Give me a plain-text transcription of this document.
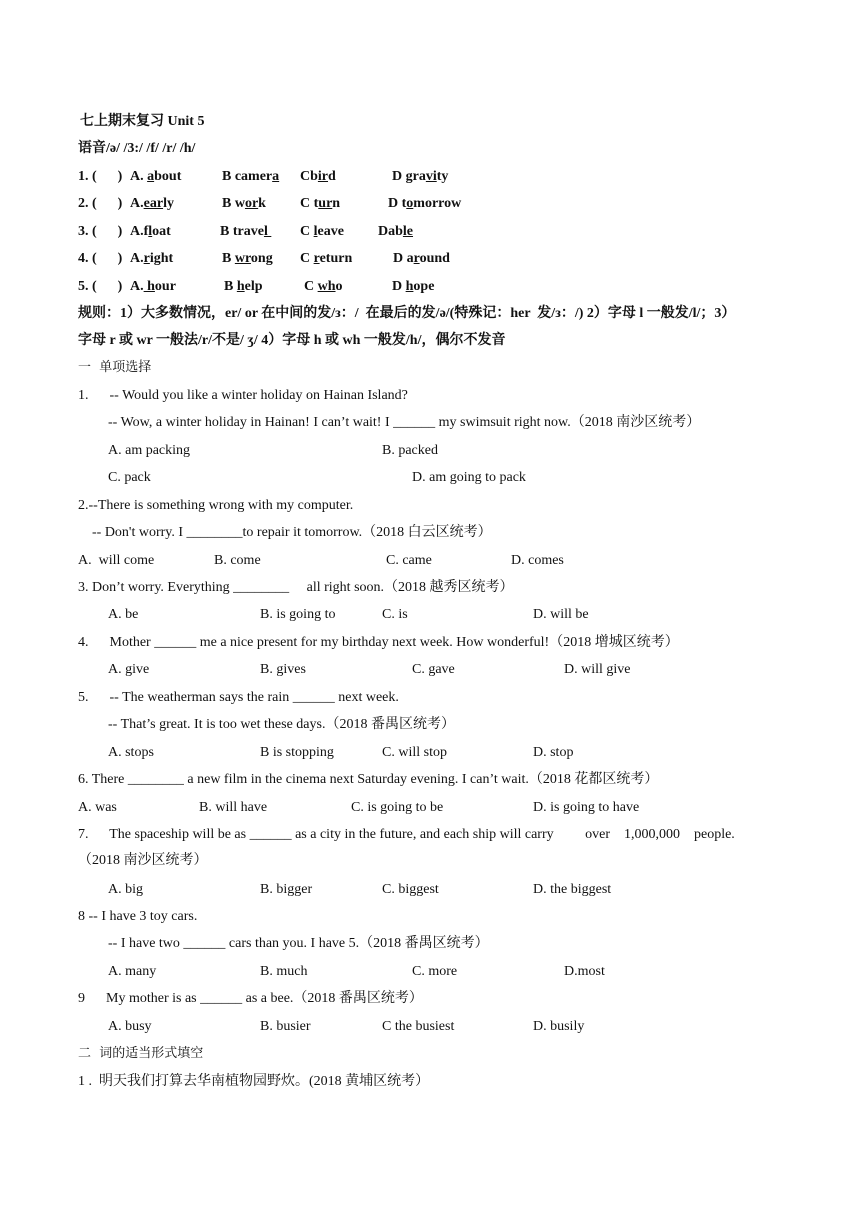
七上期末复习 Unit 5
语音/ə/ /3:/ /f/ /r/ /h/
1. (      ) A. about	B camera Cbird	D gravity
2. (      ) A.early	B work C turn	D tomorrow
3. (      ) A.float	B travel C leave Dable
4. (      ) A.right	B wrong C return	D around
5. (      ) A. hour	B help	C who	D hope
规则：1）大多数情况，er/ or 在中间的发/з：/  在最后的发/ə/(特殊记：her  发/з：/) 2）字母 l 一般发/l/；3）
字母 r 或 wr 一般法/r/不是/ ʒ/ 4）字母 h 或 wh 一般发/h/，偶尔不发音
一  单项选择
1.      -- Would you like a winter holiday on Hainan Island?
-- Wow, a winter holiday in Hainan! I can’t wait! I ______ my swimsuit right now.（2018 南沙区统考）
A. am packing	B. packed
C. pack	D. am going to pack
2.--There is something wrong with my computer.
-- Don't worry. I ________to repair it tomorrow.（2018 白云区统考）
A.  will come	B. come	C. came	D. comes
3. Don’t worry. Everything ________     all right soon.（2018 越秀区统考）
A. be	B. is going to	C. is	D. will be
4.      Mother ______ me a nice present for my birthday next week. How wonderful!（2018 增城区统考）
A. give	B. gives	C. gave	D. will give
5.      -- The weatherman says the rain ______ next week.
-- That’s great. It is too wet these days.（2018 番禺区统考）
A. stops	B is stopping	C. will stop	D. stop
6. There ________ a new film in the cinema next Saturday evening. I can’t wait.（2018 花都区统考）
A. was	B. will have	C. is going to be	D. is going to have
7.      The spaceship will be as ______ as a city in the future, and each ship will carry         over    1,000,000    people.
（2018 南沙区统考）
A. big	B. bigger	C. biggest	D. the biggest
8 -- I have 3 toy cars.
-- I have two ______ cars than you. I have 5.（2018 番禺区统考）
A. many	B. much	C. more	D.most
9      My mother is as ______ as a bee.（2018 番禺区统考）
A. busy	B. busier	C the busiest	D. busily
二  词的适当形式填空
1 .  明天我们打算去华南植物园野炊。(2018 黄埔区统考）
